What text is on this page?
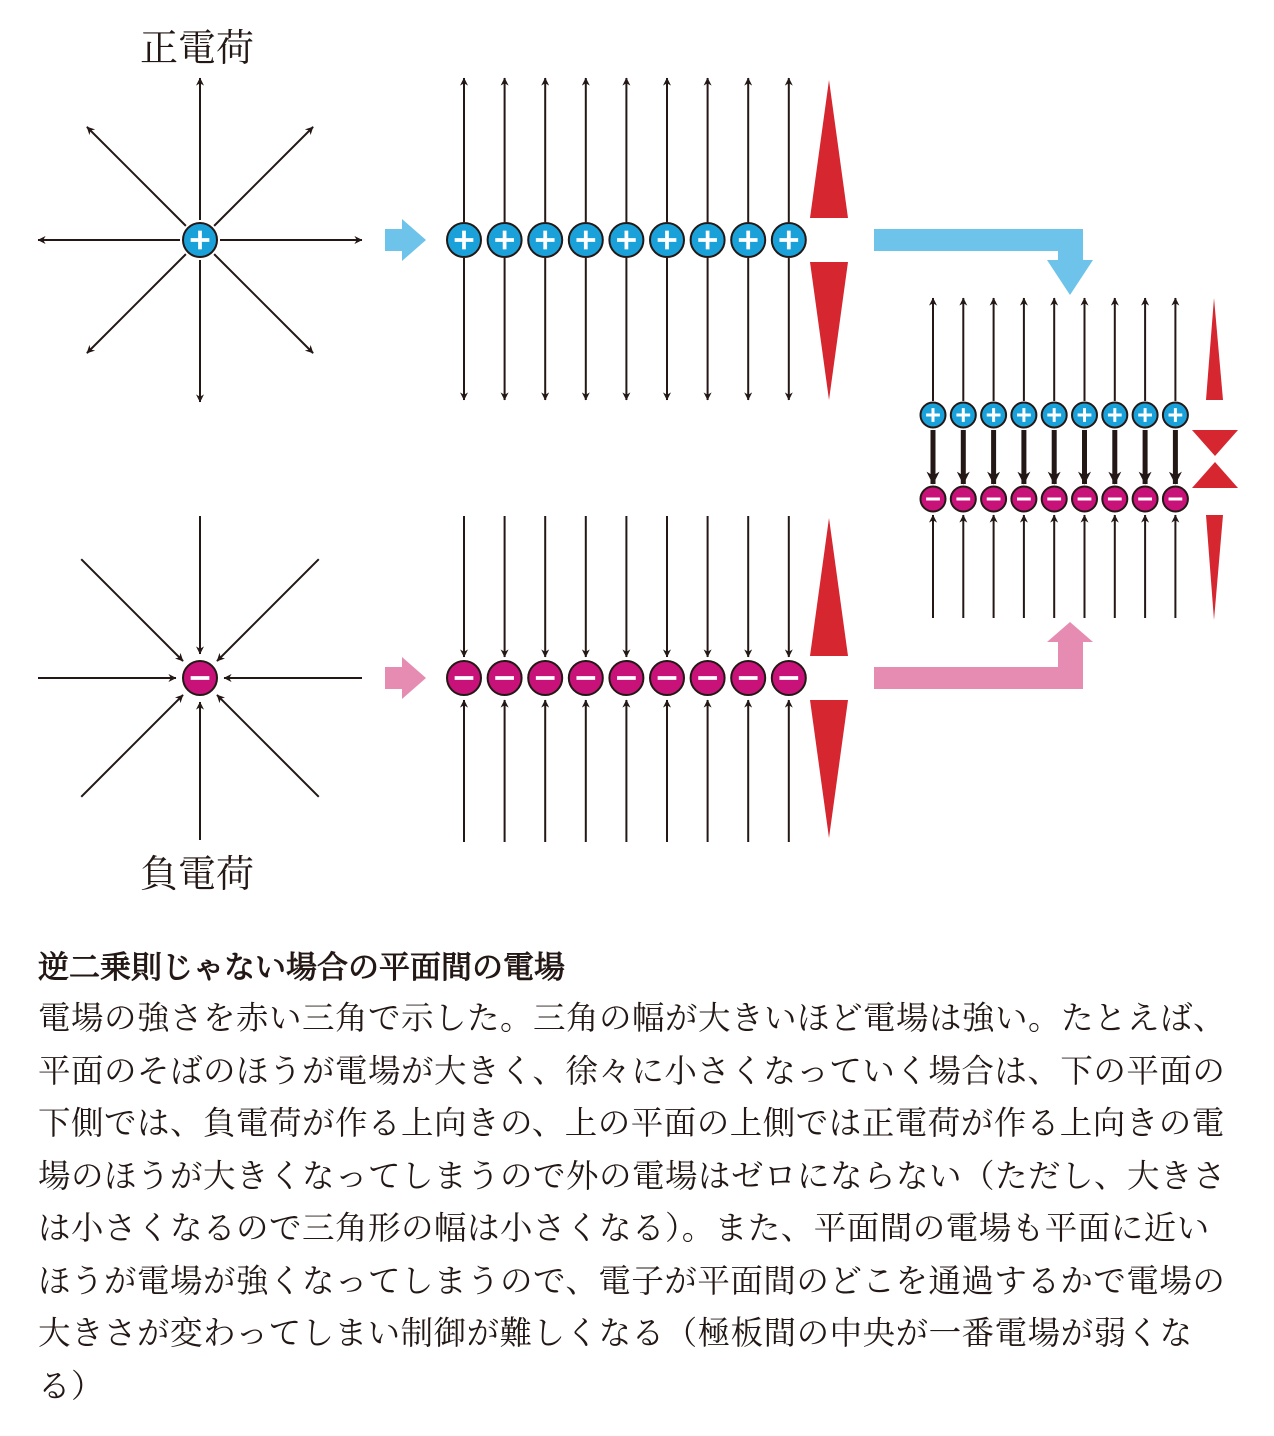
正電荷
負電荷

逆二乗則じゃない場合の平面間の電場

電場の強さを赤い三角で示した。三角の幅が大きいほど電場は強い。たとえば、平面のそばのほうが電場が大きく、徐々に小さくなっていく場合は、下の平面の下側では、負電荷が作る上向きの、上の平面の上側では正電荷が作る上向きの電場のほうが大きくなってしまうので外の電場はゼロにならない（ただし、大きさは小さくなるので三角形の幅は小さくなる）。また、平面間の電場も平面に近いほうが電場が強くなってしまうので、電子が平面間のどこを通過するかで電場の大きさが変わってしまい制御が難しくなる（極板間の中央が一番電場が弱くなる）
